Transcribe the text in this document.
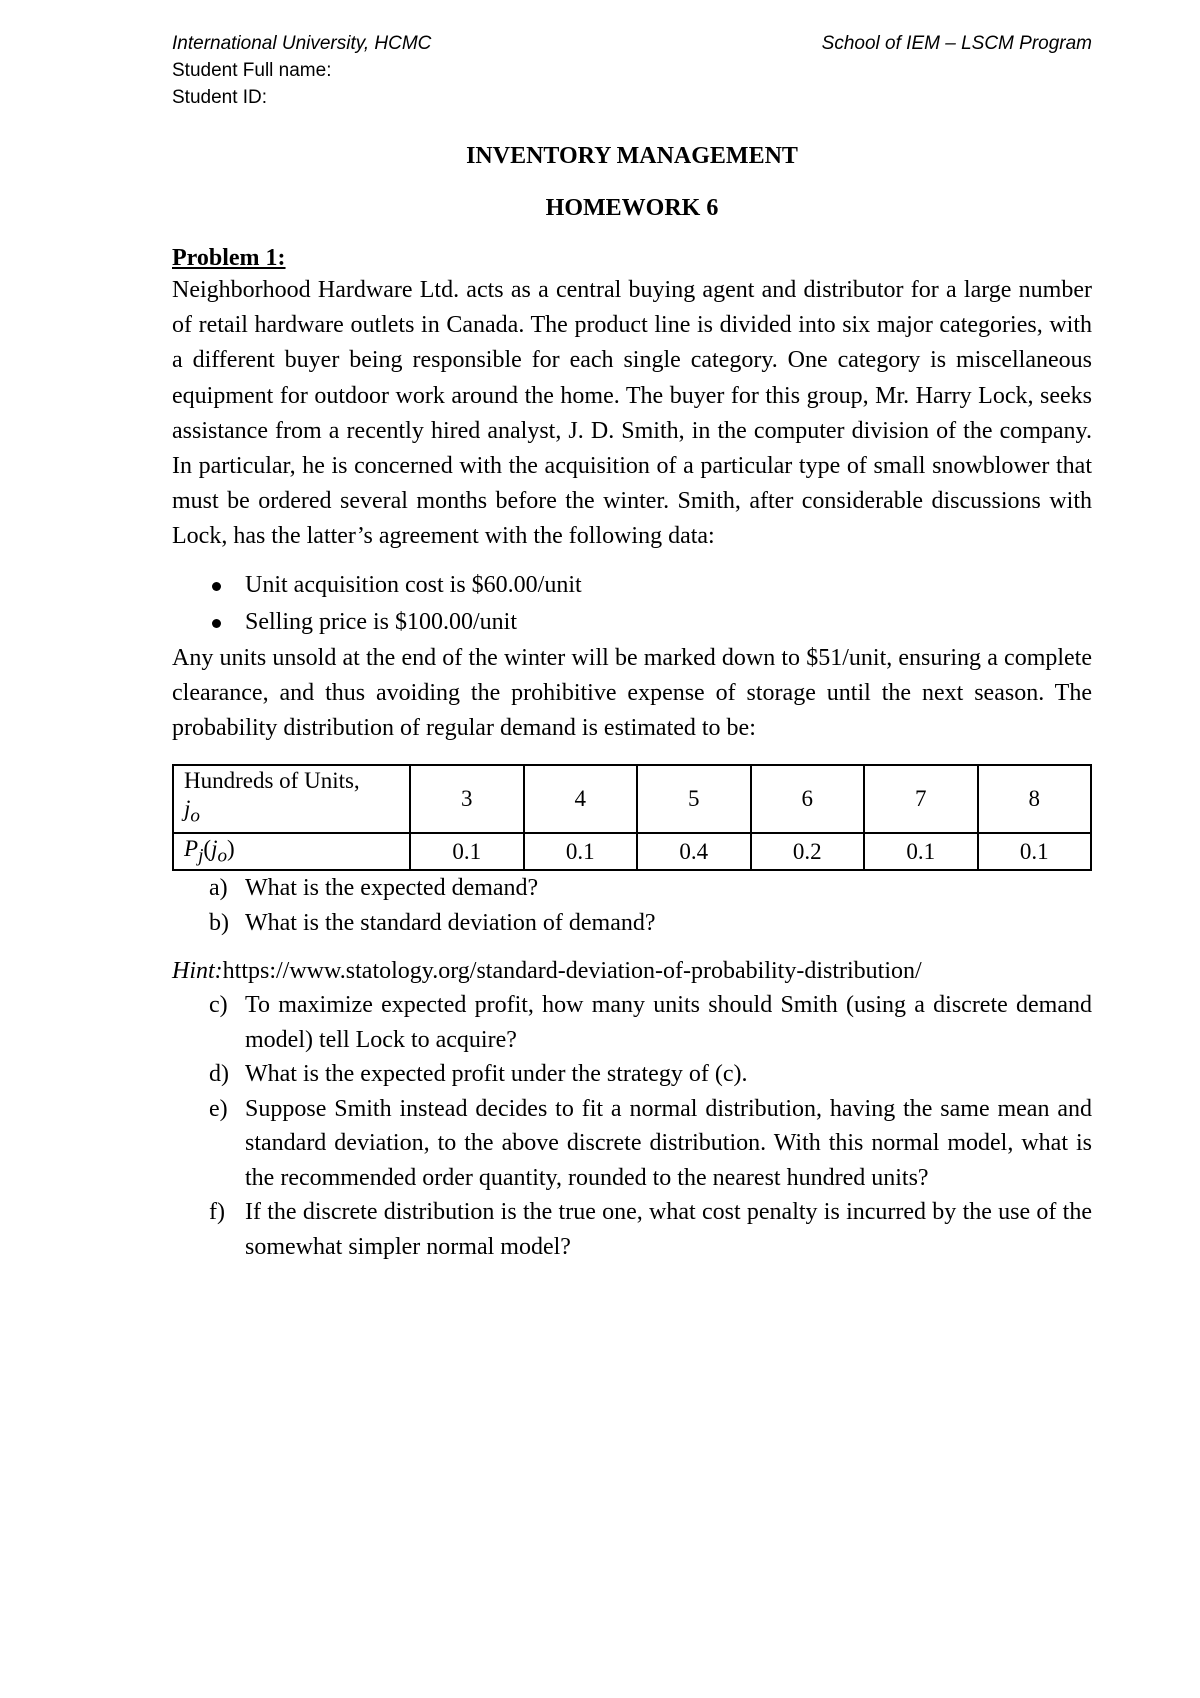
International University, HCMC	School of IEM – LSCM Program
Student Full name:
Student ID:
INVENTORY MANAGEMENT
HOMEWORK 6
Problem 1:

Neighborhood Hardware Ltd. acts as a central buying agent and distributor for a large number of retail hardware outlets in Canada. The product line is divided into six major categories, with a different buyer being responsible for each single category. One category is miscellaneous equipment for outdoor work around the home. The buyer for this group, Mr. Harry Lock, seeks assistance from a recently hired analyst, J. D. Smith, in the computer division of the company. In particular, he is concerned with the acquisition of a particular type of small snowblower that must be ordered several months before the winter. Smith, after considerable discussions with Lock, has the latter’s agreement with the following data:

Unit acquisition cost is $60.00/unit
Selling price is $100.00/unit

Any units unsold at the end of the winter will be marked down to $51/unit, ensuring a complete clearance, and thus avoiding the prohibitive expense of storage until the next season. The probability distribution of regular demand is estimated to be:

Hundreds of Units,
$j_o$	3	4	5	6	7	8
$P_j(j_o)$	0.1	0.1	0.4	0.2	0.1	0.1
a) What is the expected demand?
b) What is the standard deviation of demand?
Hint:https://www.statology.org/standard-deviation-of-probability-distribution/
c) To maximize expected profit, how many units should Smith (using a discrete demand model) tell Lock to acquire?
d) What is the expected profit under the strategy of (c).
e) Suppose Smith instead decides to fit a normal distribution, having the same mean and standard deviation, to the above discrete distribution. With this normal model, what is the recommended order quantity, rounded to the nearest hundred units?
f) If the discrete distribution is the true one, what cost penalty is incurred by the use of the somewhat simpler normal model?
